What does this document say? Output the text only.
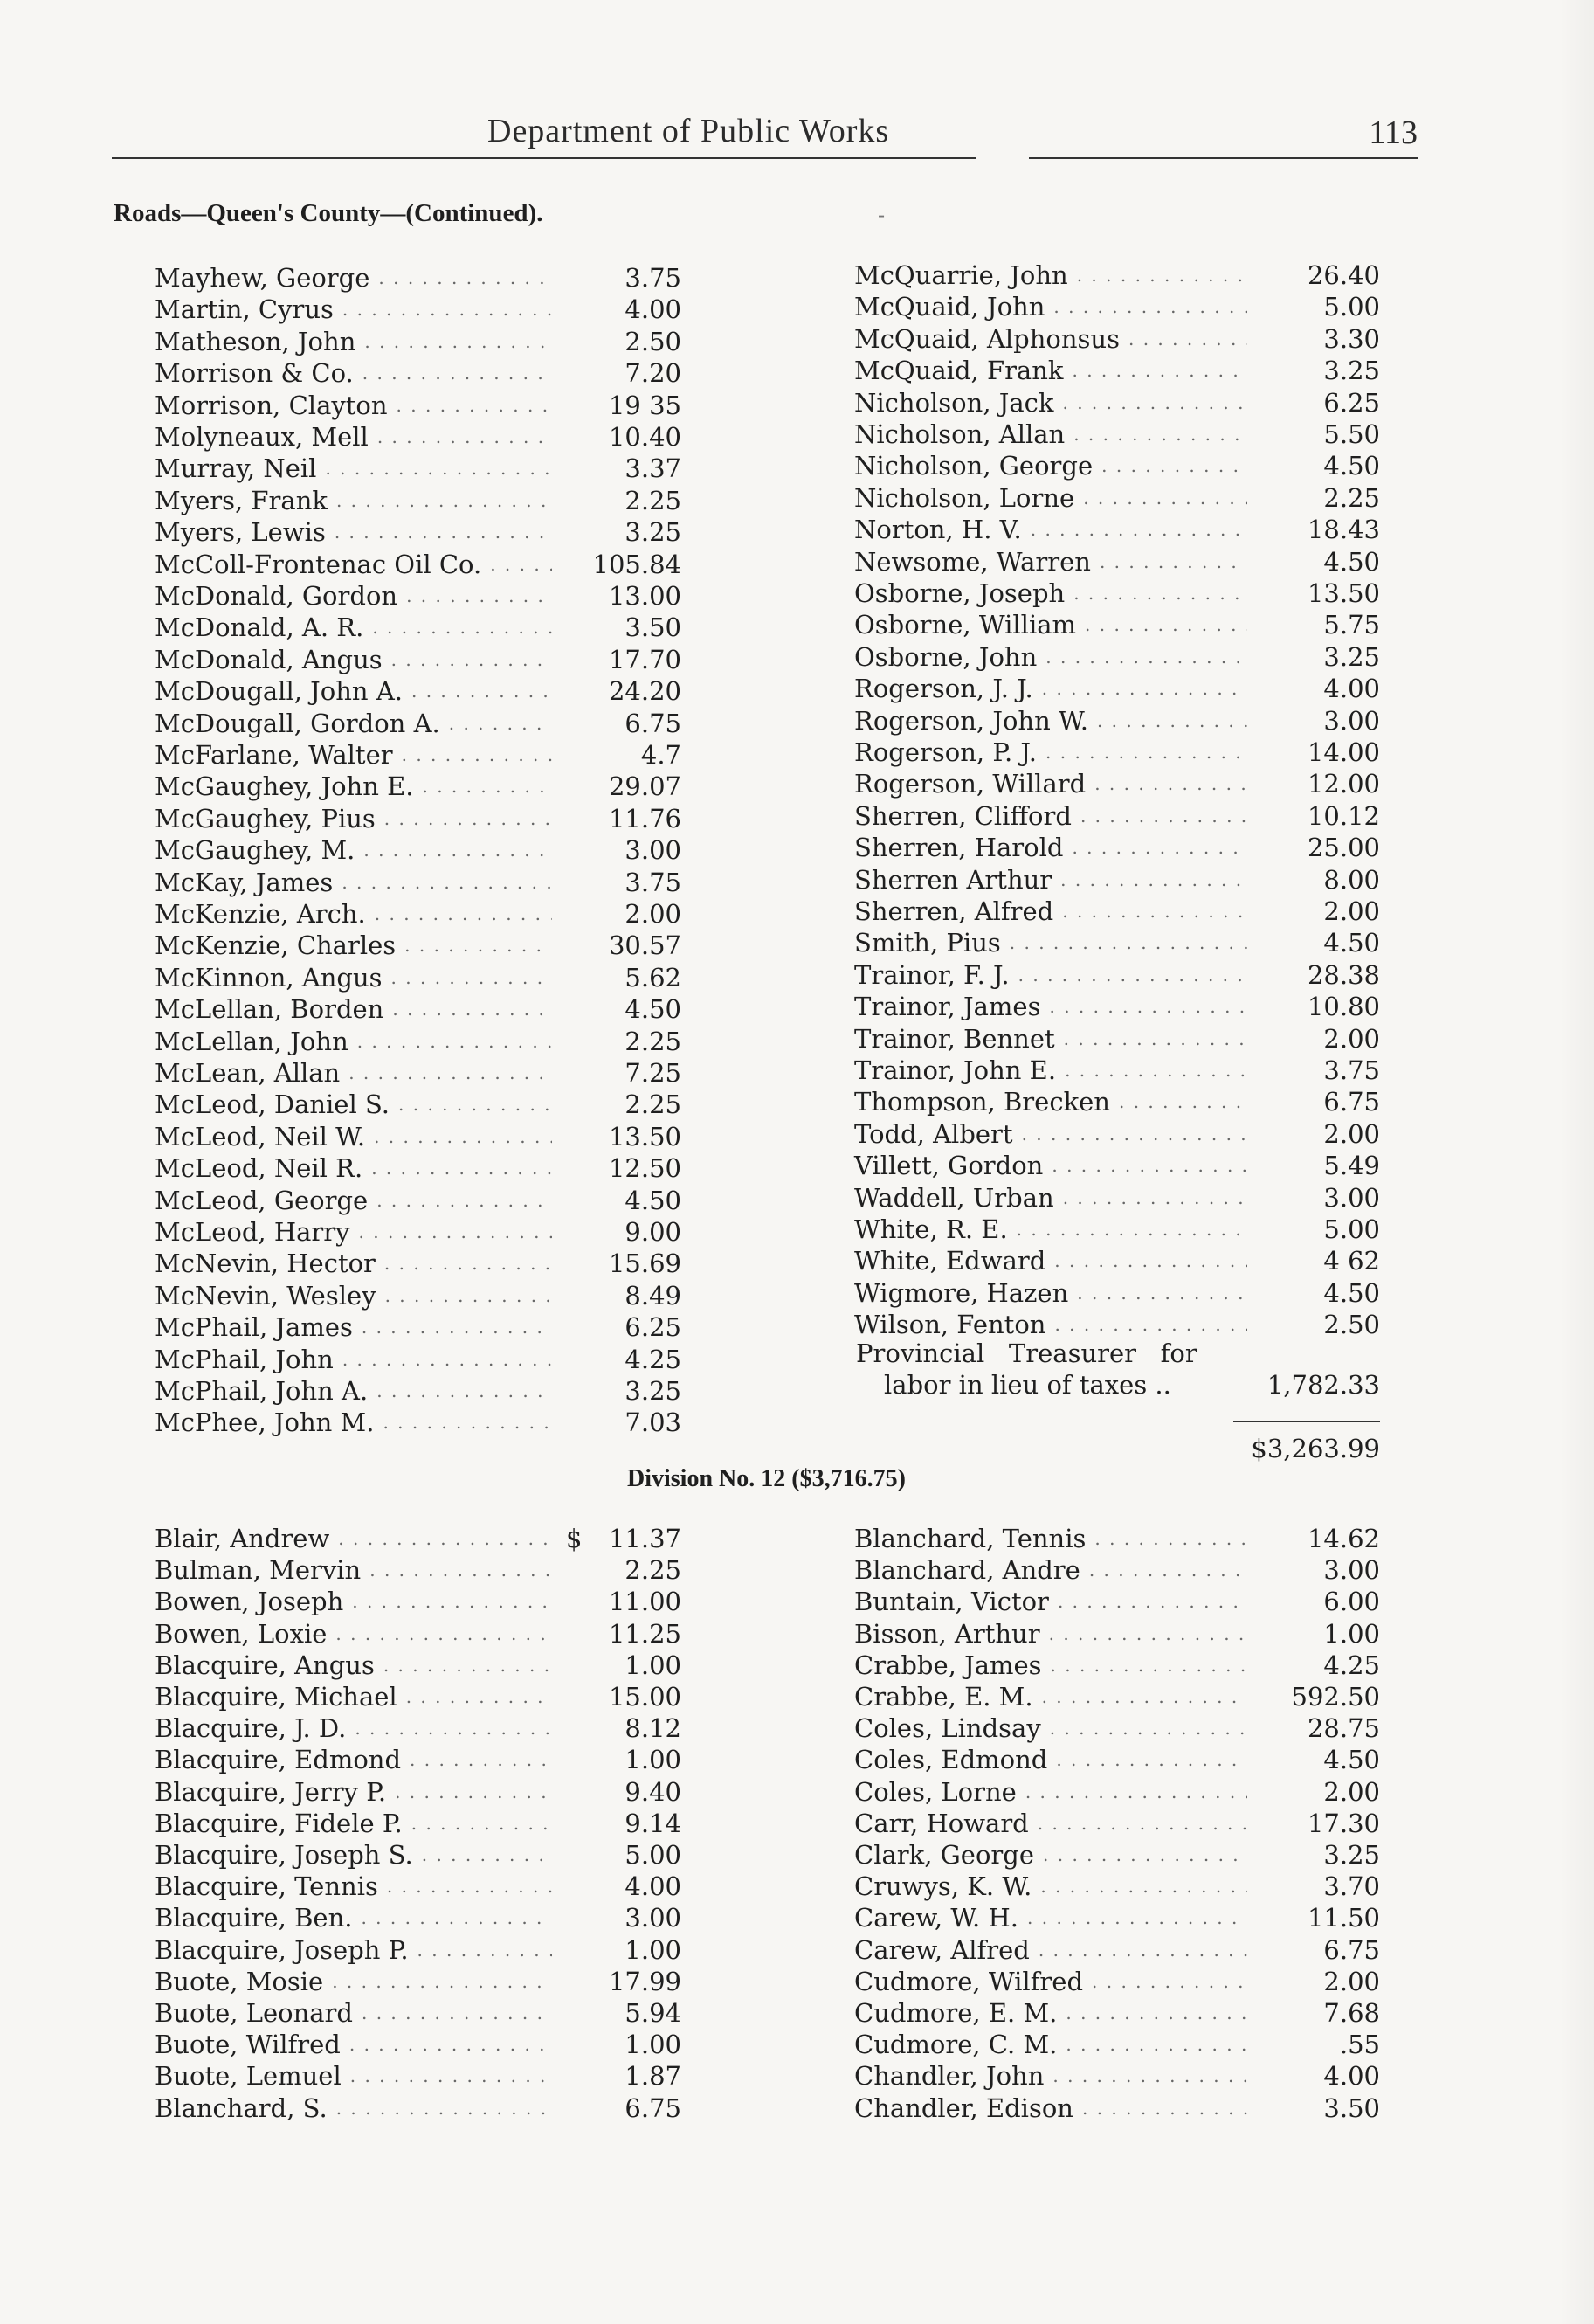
Department of Public Works	113
Roads—Queen's County—(Continued).	-
Mayhew, George . . .	3.75
Martin, Cyrus . . .	4.00
Matheson, John . . .	2.50
Morrison & Co. . . .	7.20
Morrison, Clayton . . .	19 35
Molyneaux, Mell . . .	10.40
Murray, Neil . . .	3.37
Myers, Frank . . .	2.25
Myers, Lewis . . .	3.25
McColl-Frontenac Oil Co. . . .	105.84
McDonald, Gordon . . .	13.00
McDonald, A. R. . . .	3.50
McDonald, Angus . . .	17.70
McDougall, John A. . . .	24.20
McDougall, Gordon A. . . .	6.75
McFarlane, Walter . . .	4.7
McGaughey, John E. . . .	29.07
McGaughey, Pius . . .	11.76
McGaughey, M. . . .	3.00
McKay, James . . .	3.75
McKenzie, Arch. . . .	2.00
McKenzie, Charles . . .	30.57
McKinnon, Angus . . .	5.62
McLellan, Borden . . .	4.50
McLellan, John . . .	2.25
McLean, Allan . . .	7.25
McLeod, Daniel S. . . .	2.25
McLeod, Neil W. . . .	13.50
McLeod, Neil R. . . .	12.50
McLeod, George . . .	4.50
McLeod, Harry . . .	9.00
McNevin, Hector . . .	15.69
McNevin, Wesley . . .	8.49
McPhail, James . . .	6.25
McPhail, John . . .	4.25
McPhail, John A. . . .	3.25
McPhee, John M. . . .	7.03
McQuarrie, John . . .	26.40
McQuaid, John . . .	5.00
McQuaid, Alphonsus . . .	3.30
McQuaid, Frank . . .	3.25
Nicholson, Jack . . .	6.25
Nicholson, Allan . . .	5.50
Nicholson, George . . .	4.50
Nicholson, Lorne . . .	2.25
Norton, H. V. . . .	18.43
Newsome, Warren . . .	4.50
Osborne, Joseph . . .	13.50
Osborne, William . . .	5.75
Osborne, John . . .	3.25
Rogerson, J. J. . . .	4.00
Rogerson, John W. . . .	3.00
Rogerson, P. J. . . .	14.00
Rogerson, Willard . . .	12.00
Sherren, Clifford . . .	10.12
Sherren, Harold . . .	25.00
Sherren Arthur . . .	8.00
Sherren, Alfred . . .	2.00
Smith, Pius . . .	4.50
Trainor, F. J. . . .	28.38
Trainor, James . . .	10.80
Trainor, Bennet . . .	2.00
Trainor, John E. . . .	3.75
Thompson, Brecken . . .	6.75
Todd, Albert . . .	2.00
Villett, Gordon . . .	5.49
Waddell, Urban . . .	3.00
White, R. E. . . .	5.00
White, Edward . . .	4 62
Wigmore, Hazen . . .	4.50
Wilson, Fenton . . .	2.50
Blair, Andrew . . .	11.37
Bulman, Mervin . . .	2.25
Bowen, Joseph . . .	11.00
Bowen, Loxie . . .	11.25
Blacquire, Angus . . .	1.00
Blacquire, Michael . . .	15.00
Blacquire, J. D. . . .	8.12
Blacquire, Edmond . . .	1.00
Blacquire, Jerry P. . . .	9.40
Blacquire, Fidele P. . . .	9.14
Blacquire, Joseph S. . . .	5.00
Blacquire, Tennis . . .	4.00
Blacquire, Ben. . . .	3.00
Blacquire, Joseph P. . . .	1.00
Buote, Mosie . . .	17.99
Buote, Leonard . . .	5.94
Buote, Wilfred . . .	1.00
Buote, Lemuel . . .	1.87
Blanchard, S. . . .	6.75
Blanchard, Tennis . . .	14.62
Blanchard, Andre . . .	3.00
Buntain, Victor . . .	6.00
Bisson, Arthur . . .	1.00
Crabbe, James . . .	4.25
Crabbe, E. M. . . .	592.50
Coles, Lindsay . . .	28.75
Coles, Edmond . . .	4.50
Coles, Lorne . . .	2.00
Carr, Howard . . .	17.30
Clark, George . . .	3.25
Cruwys, K. W. . . .	3.70
Carew, W. H. . . .	11.50
Carew, Alfred . . .	6.75
Cudmore, Wilfred . . .	2.00
Cudmore, E. M. . . .	7.68
Cudmore, C. M. . . .	.55
Chandler, John . . .	4.00
Chandler, Edison . . .	3.50
Provincial   Treasurer   for
labor in lieu of taxes ..	1,782.33
$3,263.99
Division No. 12 ($3,716.75)
$
